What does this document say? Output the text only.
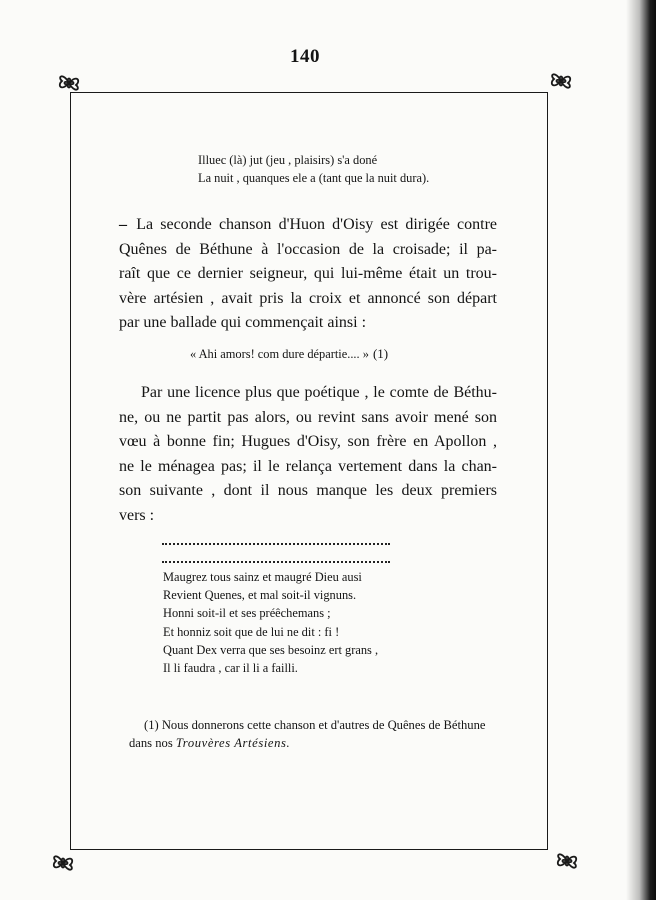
140
Illuec (là) jut (jeu , plaisirs) s'a doné
La nuit , quanques ele a (tant que la nuit dura).
– La seconde chanson d'Huon d'Oisy est dirigée contre
Quênes de Béthune à l'occasion de la croisade; il pa-
raît que ce dernier seigneur, qui lui-même était un trou-
vère artésien , avait pris la croix et annoncé son départ
par une ballade qui commençait ainsi :
« Ahi amors! com dure départie.... » (1)
Par une licence plus que poétique , le comte de Béthu-
ne, ou ne partit pas alors, ou revint sans avoir mené son
vœu à bonne fin; Hugues d'Oisy, son frère en Apollon ,
ne le ménagea pas; il le relança vertement dans la chan-
son suivante , dont il nous manque les deux premiers
vers :
Maugrez tous sainz et maugré Dieu ausi
Revient Quenes, et mal soit-il vignuns.
Honni soit-il et ses préêchemans ;
Et honniz soit que de lui ne dit : fi !
Quant Dex verra que ses besoinz ert grans ,
Il li faudra , car il li a failli.
(1) Nous donnerons cette chanson et d'autres de Quênes de Béthune
dans nos Trouvères Artésiens.
